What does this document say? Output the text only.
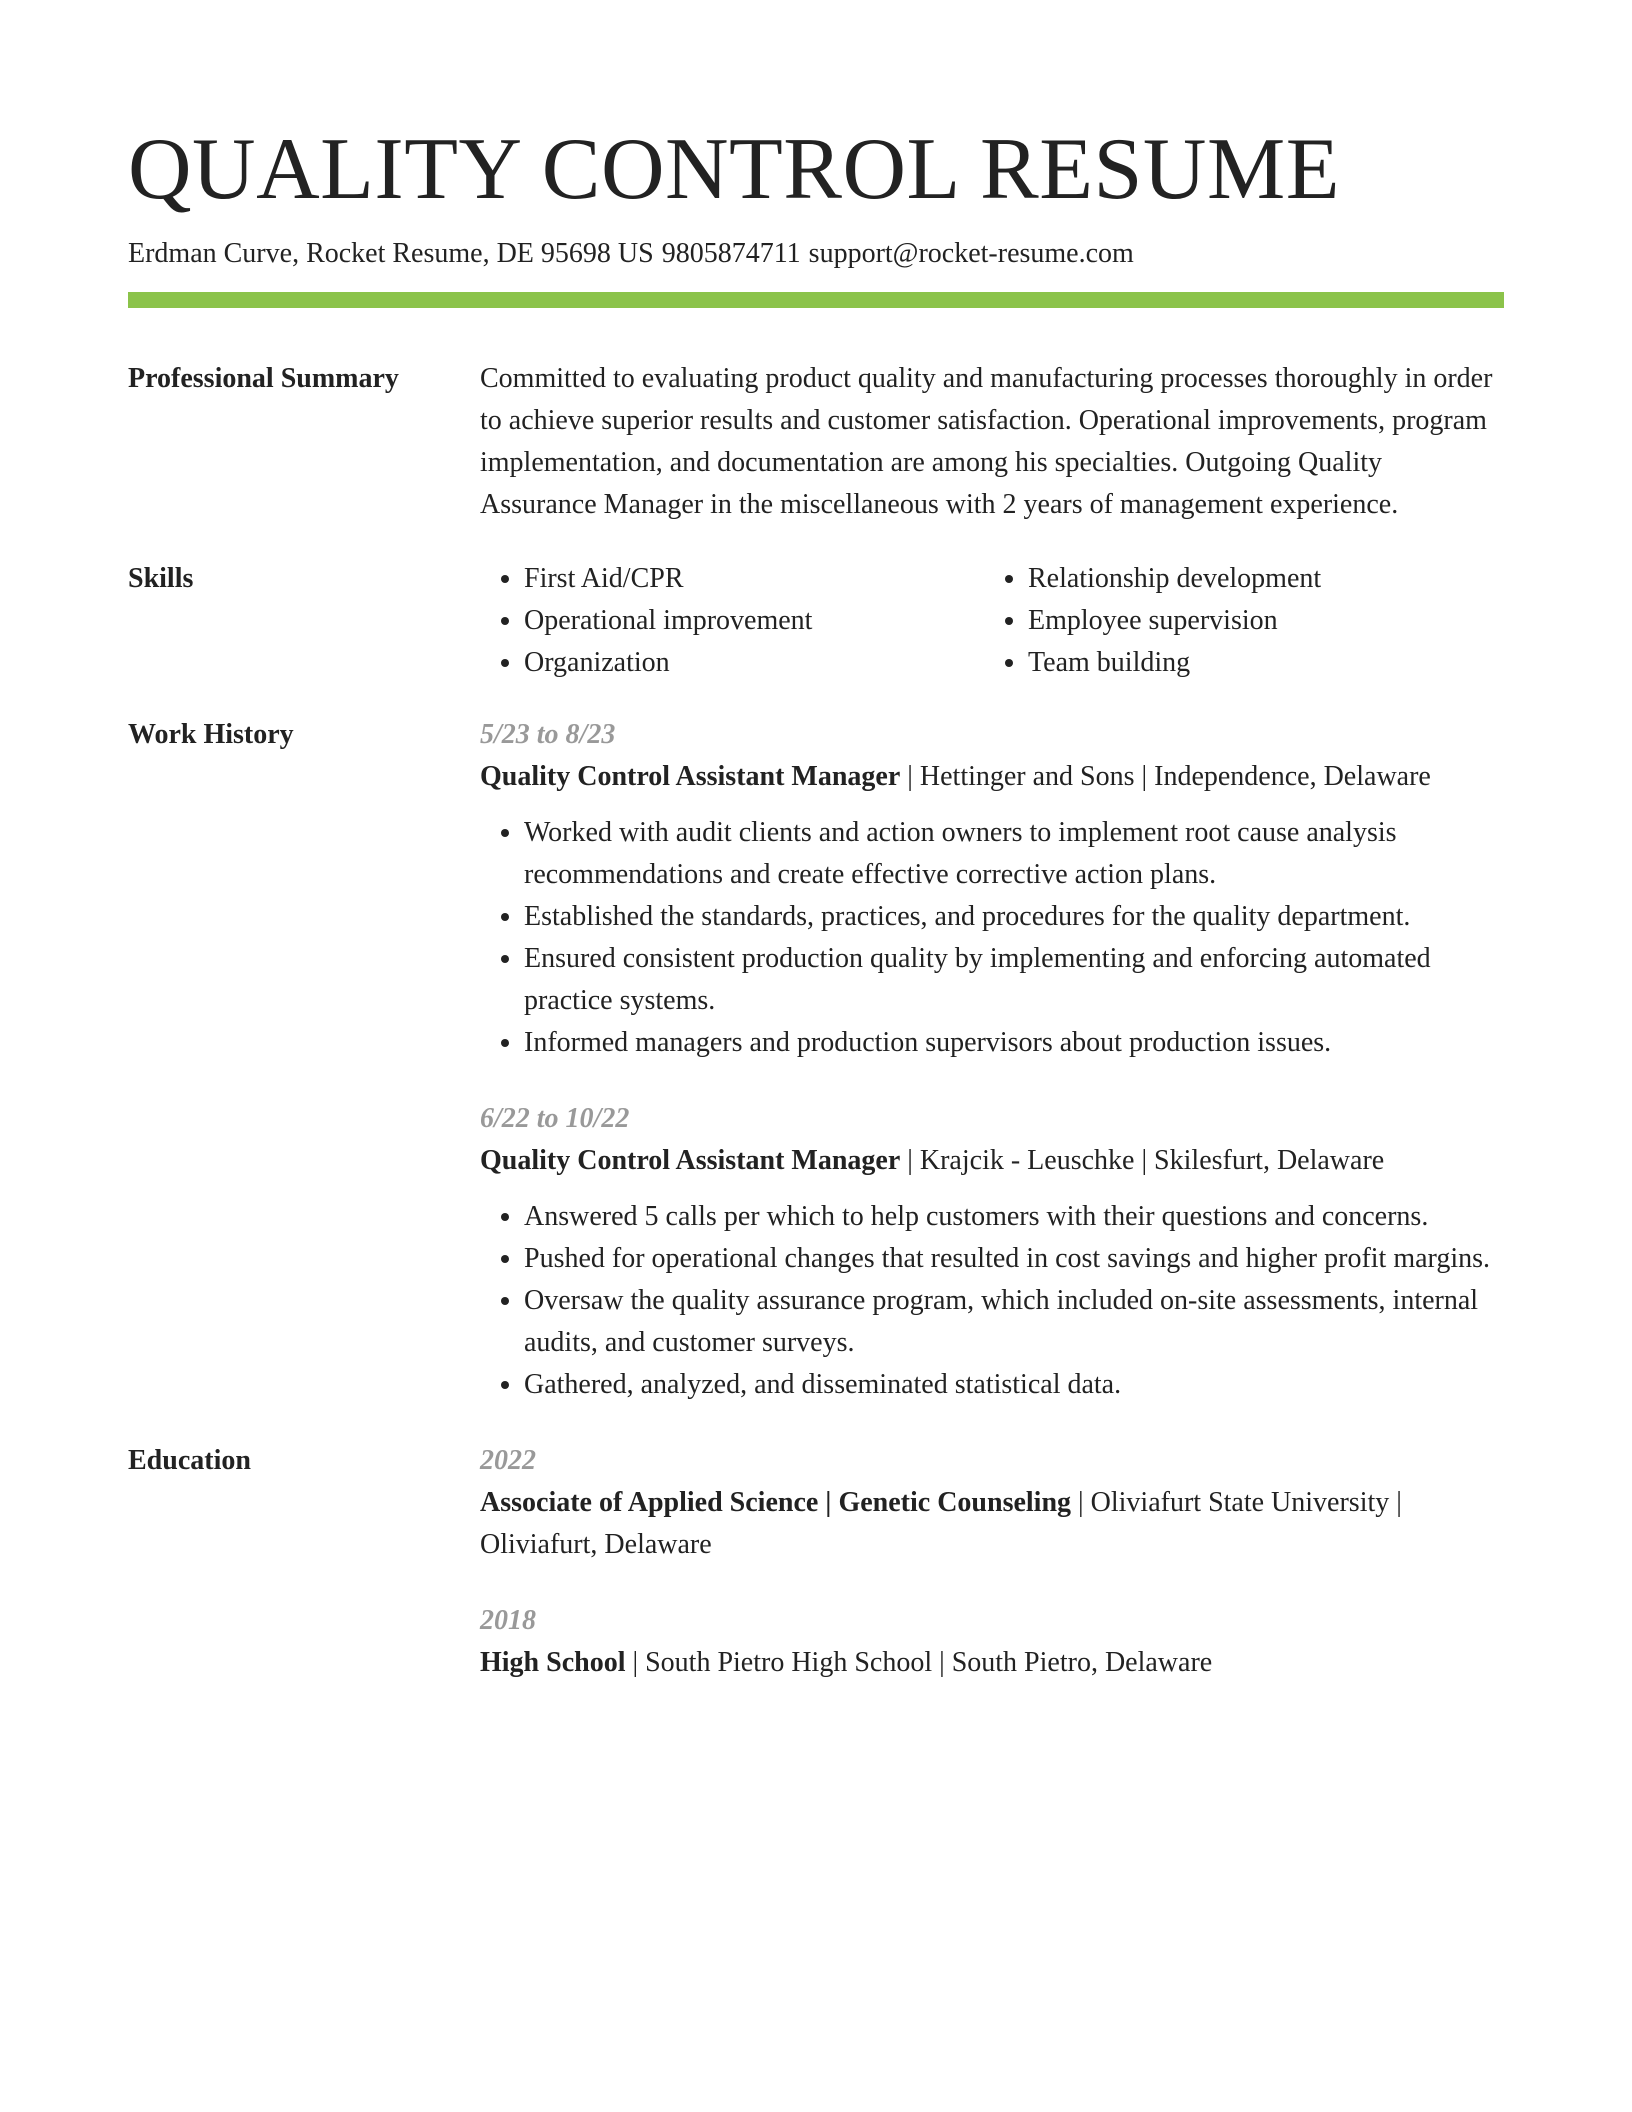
QUALITY CONTROL RESUME
Erdman Curve, Rocket Resume, DE 95698 US 9805874711 support@rocket-resume.com
Professional Summary	Committed to evaluating product quality and manufacturing processes thoroughly in order to achieve superior results and customer satisfaction. Operational improvements, program implementation, and documentation are among his specialties. Outgoing Quality Assurance Manager in the miscellaneous with 2 years of management experience.

Skills
•	First Aid/CPR
• Operational improvement
• Organization
• Relationship development
• Employee supervision
• Team building
Work History	5/23 to 8/23
Quality Control Assistant Manager | Hettinger and Sons | Independence, Delaware
• Worked with audit clients and action owners to implement root cause analysis recommendations and create effective corrective action plans.
• Established the standards, practices, and procedures for the quality department.
• Ensured consistent production quality by implementing and enforcing automated practice systems.
• Informed managers and production supervisors about production issues.
6/22 to 10/22
Quality Control Assistant Manager | Krajcik - Leuschke | Skilesfurt, Delaware
• Answered 5 calls per which to help customers with their questions and concerns.
• Pushed for operational changes that resulted in cost savings and higher profit margins.
• Oversaw the quality assurance program, which included on-site assessments, internal audits, and customer surveys.
• Gathered, analyzed, and disseminated statistical data.
Education	2022
Associate of Applied Science | Genetic Counseling | Oliviafurt State University | Oliviafurt, Delaware
2018
High School | South Pietro High School | South Pietro, Delaware
